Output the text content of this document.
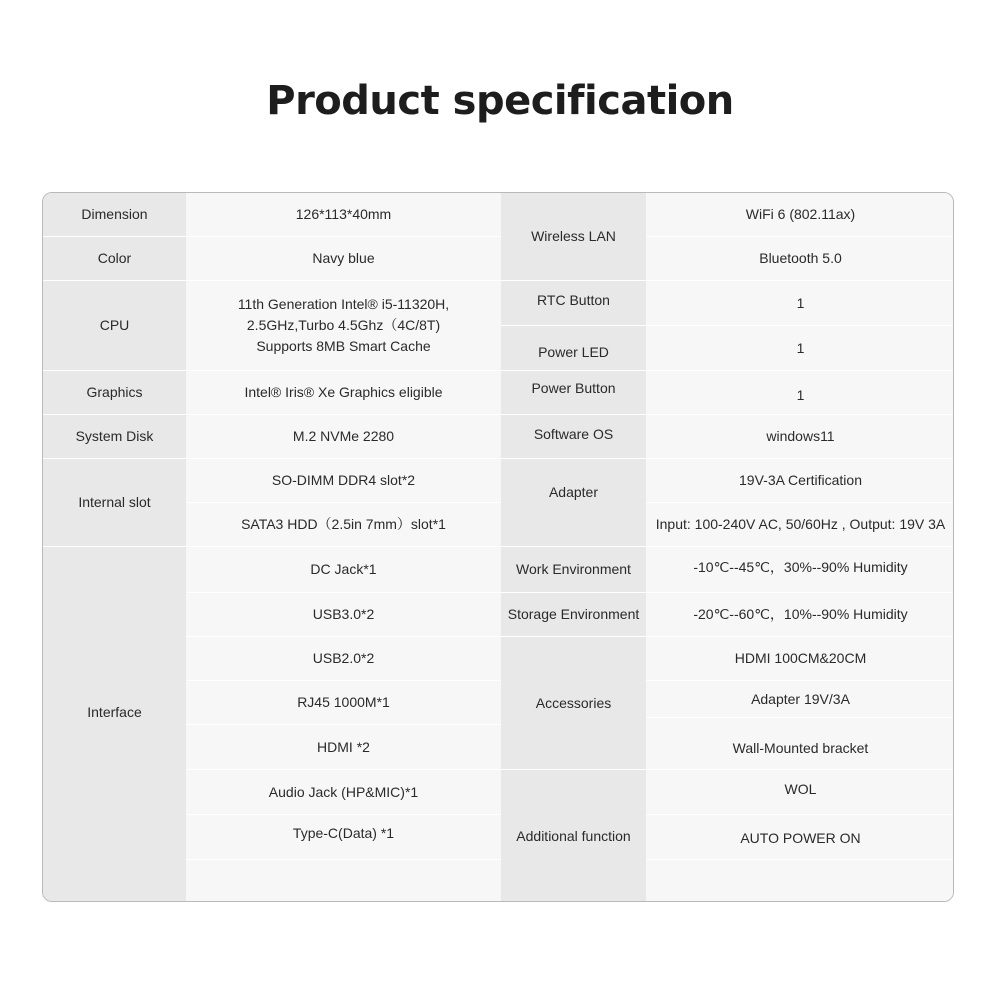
Product specification
Dimension
Color
CPU
Graphics
System Disk
Internal slot
Interface
126*113*40mm
Navy blue
11th Generation Intel® i5-11320H,
2.5GHz,Turbo 4.5Ghz（4C/8T)
Supports 8MB Smart Cache
Intel® Iris® Xe Graphics eligible
M.2 NVMe 2280
SO-DIMM DDR4 slot*2
SATA3 HDD（2.5in 7mm）slot*1
DC Jack*1
USB3.0*2
USB2.0*2
RJ45 1000M*1
HDMI *2
Audio Jack (HP&MIC)*1
Type-C(Data) *1
Wireless LAN
RTC Button
Power LED
Power Button
Software OS
Adapter
Work Environment
Storage Environment
Accessories
Additional function
WiFi 6 (802.11ax)
Bluetooth 5.0
1
1
1
windows11
19V-3A Certification
Input: 100-240V AC, 50/60Hz , Output: 19V 3A
-10℃--45℃，30%--90% Humidity
-20℃--60℃，10%--90% Humidity
HDMI 100CM&20CM
Adapter 19V/3A
Wall-Mounted bracket
WOL
AUTO POWER ON
